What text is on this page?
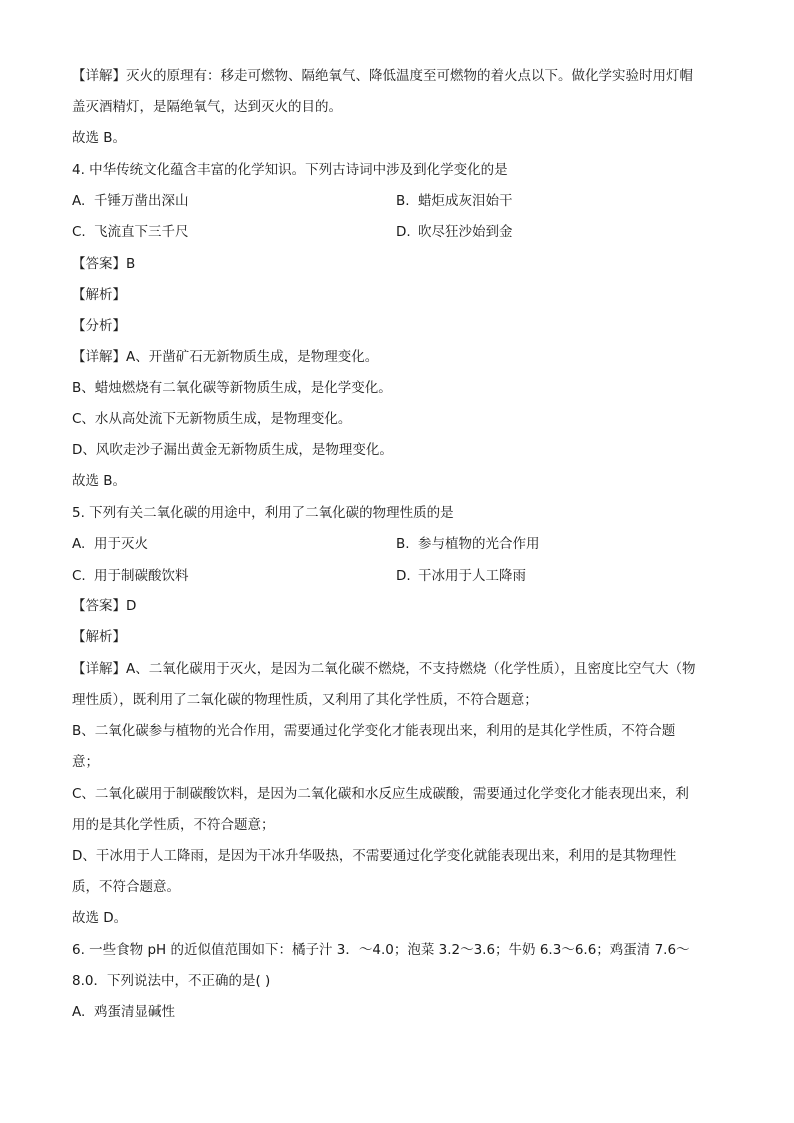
【详解】灭火的原理有：移走可燃物、隔绝氧气、降低温度至可燃物的着火点以下。做化学实验时用灯帽
盖灭酒精灯，是隔绝氧气，达到灭火的目的。
故选 B。
4. 中华传统文化蕴含丰富的化学知识。下列古诗词中涉及到化学变化的是
A. 千锤万凿出深山	B. 蜡炬成灰泪始干
C. 飞流直下三千尺	D. 吹尽狂沙始到金
【答案】B
【解析】
【分析】
【详解】A、开凿矿石无新物质生成，是物理变化。
B、蜡烛燃烧有二氧化碳等新物质生成，是化学变化。
C、水从高处流下无新物质生成，是物理变化。
D、风吹走沙子漏出黄金无新物质生成，是物理变化。
故选 B。
5. 下列有关二氧化碳的用途中，利用了二氧化碳的物理性质的是
A. 用于灭火	B. 参与植物的光合作用
C. 用于制碳酸饮料	D. 干冰用于人工降雨
【答案】D
【解析】
【详解】A、二氧化碳用于灭火，是因为二氧化碳不燃烧，不支持燃烧（化学性质），且密度比空气大（物
理性质），既利用了二氧化碳的物理性质，又利用了其化学性质，不符合题意；
B、二氧化碳参与植物的光合作用，需要通过化学变化才能表现出来，利用的是其化学性质，不符合题
意；
C、二氧化碳用于制碳酸饮料，是因为二氧化碳和水反应生成碳酸，需要通过化学变化才能表现出来，利
用的是其化学性质，不符合题意；
D、干冰用于人工降雨，是因为干冰升华吸热，不需要通过化学变化就能表现出来，利用的是其物理性
质，不符合题意。
故选 D。
6. 一些食物 pH 的近似值范围如下：橘子汁 3．～4.0；泡菜 3.2～3.6；牛奶 6.3～6.6；鸡蛋清 7.6～
8.0．下列说法中，不正确的是( )
A. 鸡蛋清显碱性
